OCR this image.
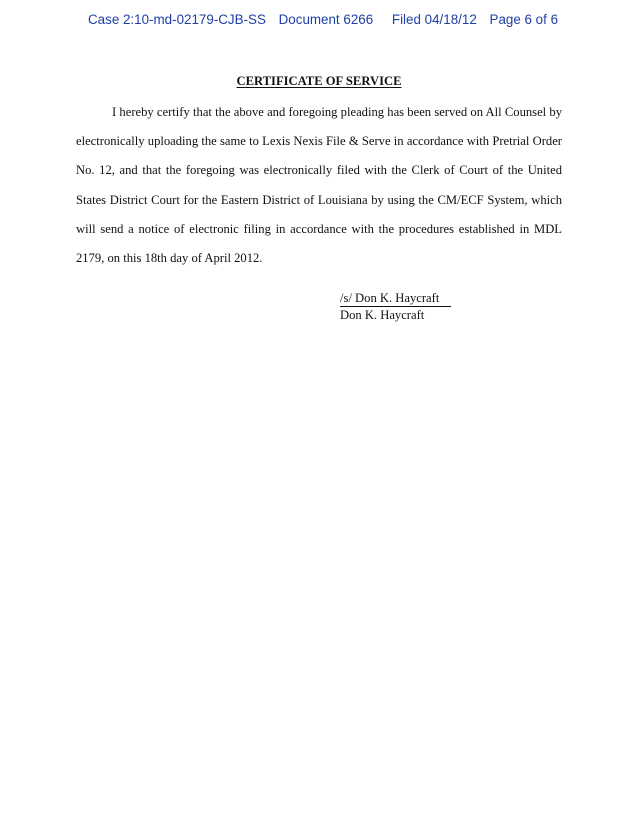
Case 2:10-md-02179-CJB-SS Document 6266 Filed 04/18/12 Page 6 of 6
CERTIFICATE OF SERVICE

I hereby certify that the above and foregoing pleading has been served on All Counsel by electronically uploading the same to Lexis Nexis File & Serve in accordance with Pretrial Order No. 12, and that the foregoing was electronically filed with the Clerk of Court of the United States District Court for the Eastern District of Louisiana by using the CM/ECF System, which will send a notice of electronic filing in accordance with the procedures established in MDL 2179, on this 18th day of April 2012.

/s/ Don K. Haycraft
Don K. Haycraft
